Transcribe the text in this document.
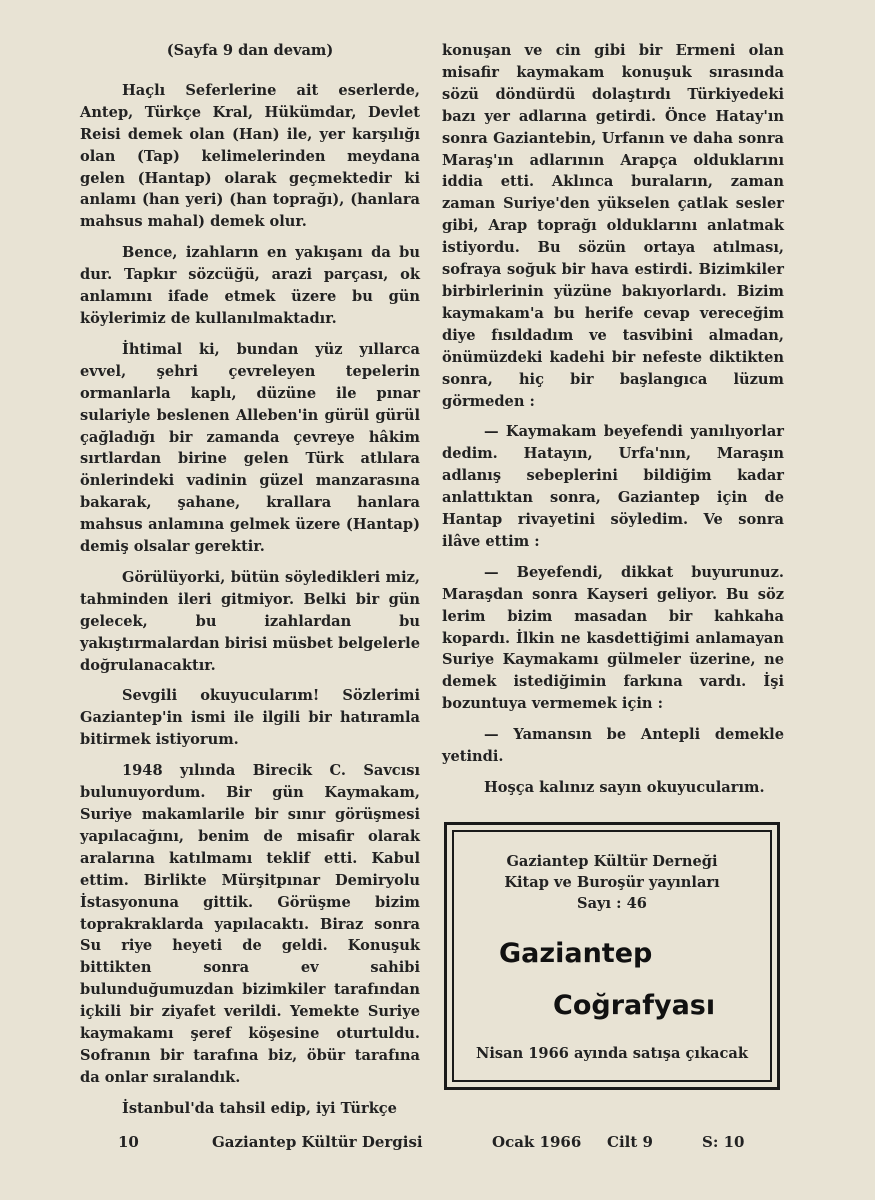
(Sayfa 9 dan devam)

Haçlı Seferlerine ait eserlerde, Antep, Türkçe Kral, Hükümdar, Devlet Reisi demek olan (Han) ile, yer karşılığı olan (Tap) kelimelerinden meydana gelen (Hantap) olarak geçmektedir ki anlamı (han yeri) (han toprağı), (hanlara mahsus mahal) demek olur.

Bence, izahların en yakışanı da bu dur. Tapkır sözcüğü, arazi parçası, ok anlamını ifade etmek üzere bu gün köylerimiz de kullanılmaktadır.

İhtimal ki, bundan yüz yıllarca evvel, şehri çevreleyen tepelerin ormanlarla kaplı, düzüne ile pınar sulariyle beslenen Alleben'in gürül gürül çağladığı bir zamanda çevreye hâkim sırtlardan birine gelen Türk atlılara önlerindeki vadinin güzel manzarasına bakarak, şahane, krallara hanlara mahsus anlamına gelmek üzere (Hantap) demiş olsalar gerektir.

Görülüyorki, bütün söyledikleri miz, tahminden ileri gitmiyor. Belki bir gün gelecek, bu izahlardan bu yakıştırmalardan birisi müsbet belgelerle doğrulanacaktır.

Sevgili okuyucularım! Sözlerimi Gaziantep'in ismi ile ilgili bir hatıramla bitirmek istiyorum.

1948 yılında Birecik C. Savcısı bulunuyordum. Bir gün Kaymakam, Suriye makamlarile bir sınır görüşmesi yapılacağını, benim de misafir olarak aralarına katılmamı teklif etti. Kabul ettim. Birlikte Mürşitpınar Demiryolu İstasyonuna gittik. Görüşme bizim toprakraklarda yapılacaktı. Biraz sonra Su riye heyeti de geldi. Konuşuk bittikten sonra ev sahibi bulunduğumuzdan bizimkiler tarafından içkili bir ziyafet verildi. Yemekte Suriye kaymakamı şeref köşesine oturtuldu. Sofranın bir tarafına biz, öbür tarafına da onlar sıralandık.

İstanbul'da tahsil edip, iyi Türkçe

konuşan ve cin gibi bir Ermeni olan misafir kaymakam konuşuk sırasında sözü döndürdü dolaştırdı Türkiyedeki bazı yer adlarına getirdi. Önce Hatay'ın sonra Gaziantebin, Urfanın ve daha sonra Maraş'ın adlarının Arapça olduklarını iddia etti. Aklınca buraların, zaman zaman Suriye'den yükselen çatlak sesler gibi, Arap toprağı olduklarını anlatmak istiyordu. Bu sözün ortaya atılması, sofraya soğuk bir hava estirdi. Bizimkiler birbirlerinin yüzüne bakıyorlardı. Bizim kaymakam'a bu herife cevap vereceğim diye fısıldadım ve tasvibini almadan, önümüzdeki kadehi bir nefeste diktikten sonra, hiç bir başlangıca lüzum görmeden :

— Kaymakam beyefendi yanılıyorlar dedim. Hatayın, Urfa'nın, Maraşın adlanış sebeplerini bildiğim kadar anlattıktan sonra, Gaziantep için de Hantap rivayetini söyledim. Ve sonra ilâve ettim :

— Beyefendi, dikkat buyurunuz. Maraşdan sonra Kayseri geliyor. Bu söz lerim bizim masadan bir kahkaha kopardı. İlkin ne kasdettiğimi anlamayan Suriye Kaymakamı gülmeler üzerine, ne demek istediğimin farkına vardı. İşi bozuntuya vermemek için :

— Yamansın be Antepli demekle yetindi.

Hoşça kalınız sayın okuyucularım.

Gaziantep Kültür Derneği
Kitap ve Buroşür yayınları
Sayı : 46
Gaziantep
Coğrafyası
Nisan 1966 ayında satışa çıkacak
10	Gaziantep Kültür Dergisi	Ocak 1966 Cilt 9	S: 10
